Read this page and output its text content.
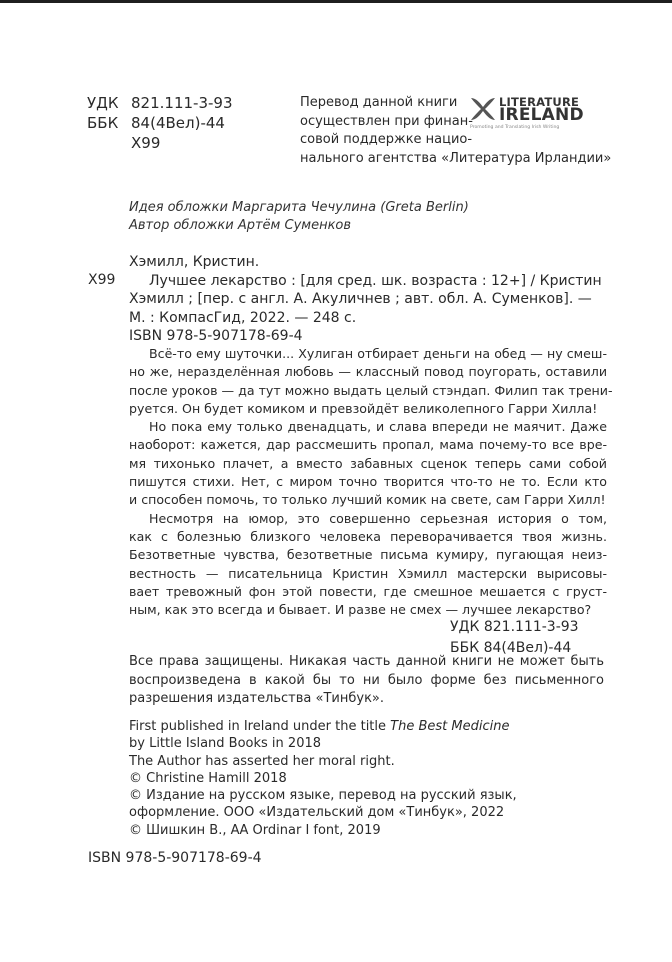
УДК 821.111-3-93
ББК 84(4Вел)-44
Х99
Перевод данной книги
осуществлен при финан-
совой поддержке нацио-
нального агентства «Литература Ирландии»
LITERATURE
IRELAND
Promoting and Translating Irish Writing
Идея обложки Маргарита Чечулина (Greta Berlin)
Автор обложки Артём Суменков
Х99
Хэмилл, Кристин.
Лучшее лекарство : [для сред. шк. возраста : 12+] / Кристин
Хэмилл ; [пер. с англ. А. Акуличнев ; авт. обл. А. Суменков]. —
М. : КомпасГид, 2022. — 248 с.
ISBN 978-5-907178-69-4
Всё-то ему шуточки... Хулиган отбирает деньги на обед — ну смеш-
но же, неразделённая любовь — классный повод поугорать, оставили
после уроков — да тут можно выдать целый стэндап. Филип так трени-
руется. Он будет комиком и превзойдёт великолепного Гарри Хилла!
Но пока ему только двенадцать, и слава впереди не маячит. Даже
наоборот: кажется, дар рассмешить пропал, мама почему-то все вре-
мя тихонько плачет, а вместо забавных сценок теперь сами собой
пишутся стихи. Нет, с миром точно творится что-то не то. Если кто
и способен помочь, то только лучший комик на свете, сам Гарри Хилл!
Несмотря на юмор, это совершенно серьезная история о том,
как с болезнью близкого человека переворачивается твоя жизнь.
Безответные чувства, безответные письма кумиру, пугающая неиз-
вестность — писательница Кристин Хэмилл мастерски вырисовы-
вает тревожный фон этой повести, где смешное мешается с груст-
ным, как это всегда и бывает. И разве не смех — лучшее лекарство?
УДК 821.111-3-93
ББК 84(4Вел)-44
Все права защищены. Никакая часть данной книги не может быть
воспроизведена в какой бы то ни было форме без письменного
разрешения издательства «Тинбук».
First published in Ireland under the title The Best Medicine
by Little Island Books in 2018
The Author has asserted her moral right.
© Christine Hamill 2018
© Издание на русском языке, перевод на русский язык,
оформление. ООО «Издательский дом «Тинбук», 2022
© Шишкин В., АА Ordinar I font, 2019
ISBN 978-5-907178-69-4
